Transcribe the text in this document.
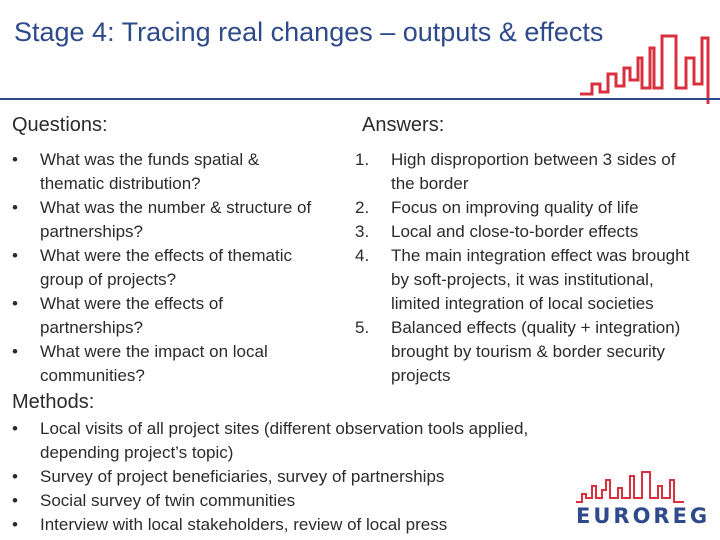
Stage 4: Tracing real changes – outputs & effects
Questions:
•	What was the funds spatial & thematic distribution?
•	What was the number & structure of partnerships?
•	What were the effects of thematic group of projects?
•	What were the effects of partnerships?
•	What were the impact on local communities?
Answers:
1.	High disproportion between 3 sides of the border
2.	Focus on improving quality of life
3.	Local and close-to-border effects
4.	The main integration effect was brought by soft-projects, it was institutional, limited integration of local societies
5.	Balanced effects (quality + integration) brought by tourism & border security projects
Methods:
•	Local visits of all project sites (different observation tools applied, depending project’s topic)
•	Survey of project beneficiaries, survey of partnerships
•	Social survey of twin communities
•	Interview with local stakeholders, review of local press	EUROREG
